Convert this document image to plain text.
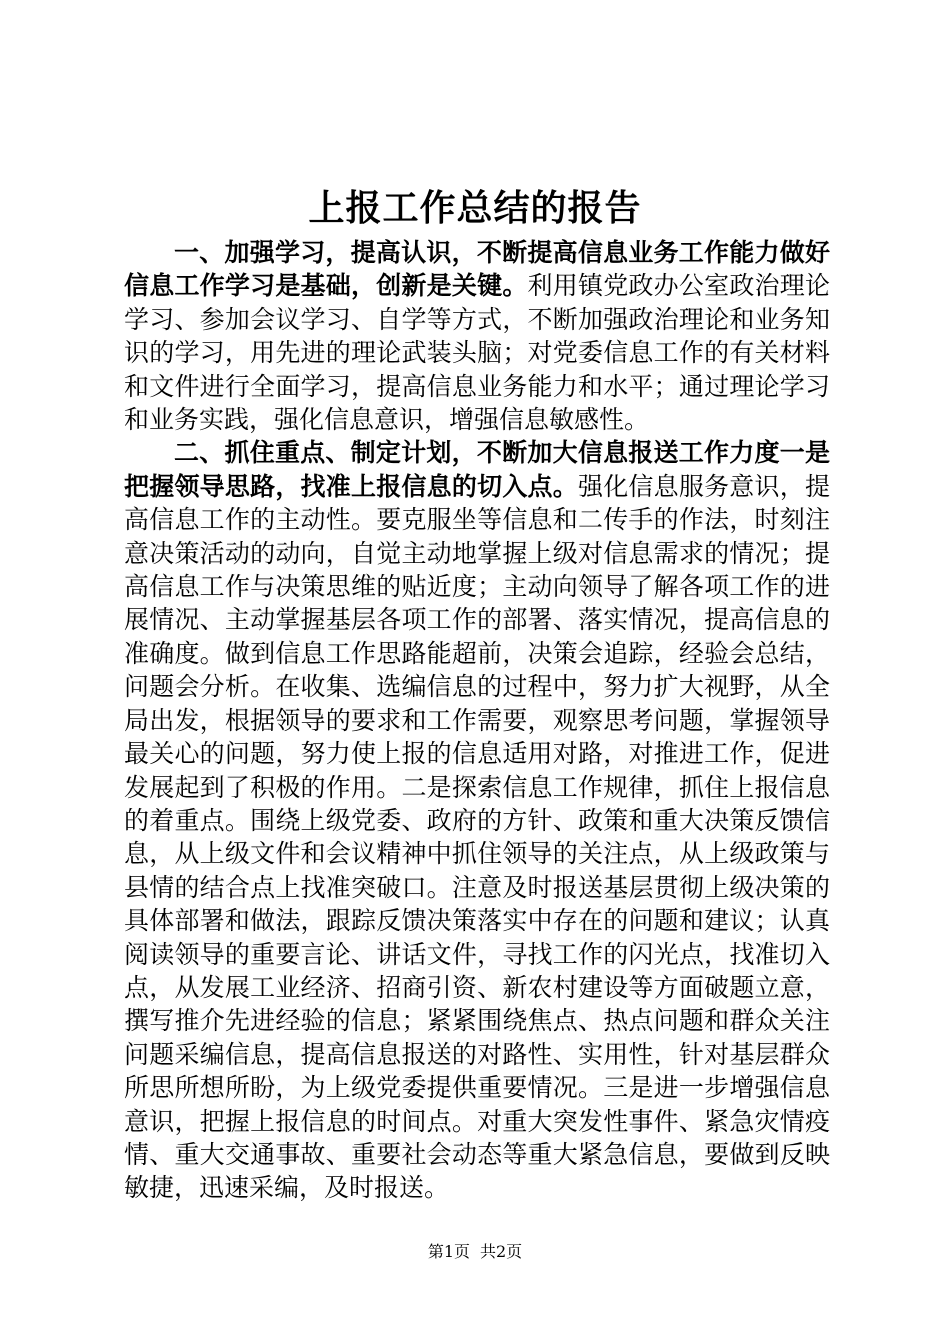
上报工作总结的报告

一、加强学习，提高认识，不断提高信息业务工作能力做好信息工作学习是基础，创新是关键。利用镇党政办公室政治理论学习、参加会议学习、自学等方式，不断加强政治理论和业务知识的学习，用先进的理论武装头脑；对党委信息工作的有关材料和文件进行全面学习，提高信息业务能力和水平；通过理论学习和业务实践，强化信息意识，增强信息敏感性。

二、抓住重点、制定计划，不断加大信息报送工作力度一是把握领导思路，找准上报信息的切入点。强化信息服务意识，提高信息工作的主动性。要克服坐等信息和二传手的作法，时刻注意决策活动的动向，自觉主动地掌握上级对信息需求的情况；提高信息工作与决策思维的贴近度；主动向领导了解各项工作的进展情况、主动掌握基层各项工作的部署、落实情况，提高信息的准确度。做到信息工作思路能超前，决策会追踪，经验会总结，问题会分析。在收集、选编信息的过程中，努力扩大视野，从全局出发，根据领导的要求和工作需要，观察思考问题，掌握领导最关心的问题，努力使上报的信息适用对路，对推进工作，促进发展起到了积极的作用。二是探索信息工作规律，抓住上报信息的着重点。围绕上级党委、政府的方针、政策和重大决策反馈信息，从上级文件和会议精神中抓住领导的关注点，从上级政策与县情的结合点上找准突破口。注意及时报送基层贯彻上级决策的具体部署和做法，跟踪反馈决策落实中存在的问题和建议；认真阅读领导的重要言论、讲话文件，寻找工作的闪光点，找准切入点，从发展工业经济、招商引资、新农村建设等方面破题立意，撰写推介先进经验的信息；紧紧围绕焦点、热点问题和群众关注问题采编信息，提高信息报送的对路性、实用性，针对基层群众所思所想所盼，为上级党委提供重要情况。三是进一步增强信息意识，把握上报信息的时间点。对重大突发性事件、紧急灾情疫情、重大交通事故、重要社会动态等重大紧急信息，要做到反映敏捷，迅速采编，及时报送。

第1页 共2页
